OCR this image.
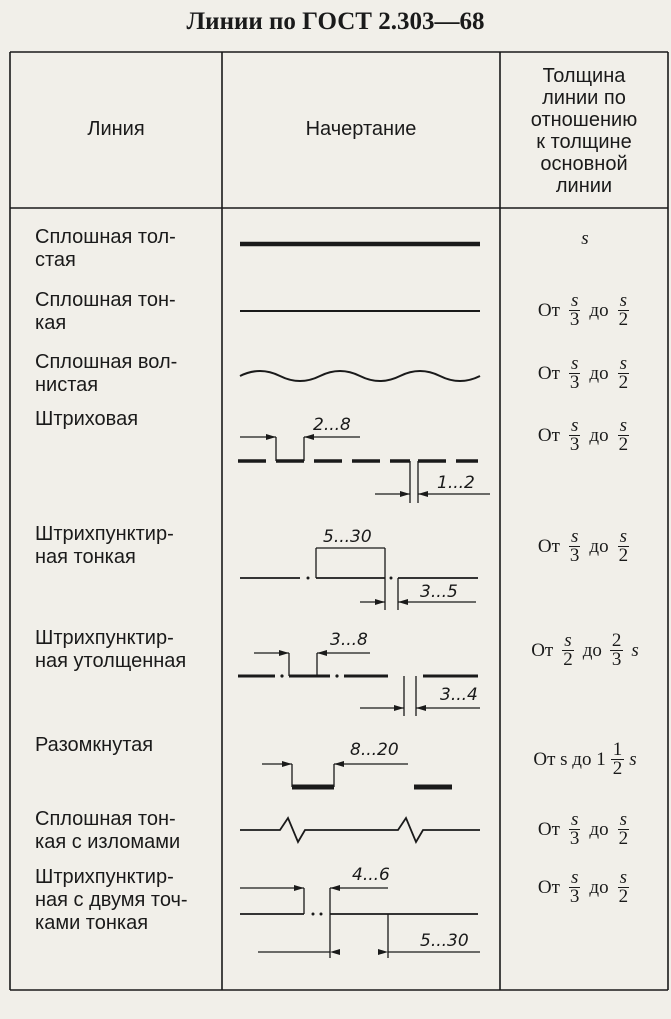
Линии по ГОСТ 2.303—68
2...8
1...2
5...30
3...5
3...8
3...4
8...20
4...6
5...30
Линия	Начертание
Толщина
линии по
отношению
к толщине
основной
линии
Сплошная тол-
стая
Сплошная тон-
кая
Сплошная вол-
нистая
Штриховая
Штрихпунктир-
ная тонкая
Штрихпунктир-
ная утолщенная
Разомкнутая
Сплошная тон-
кая с изломами
Штрихпунктир-
ная с двумя точ-
ками тонкая
s
От $\frac{s}{3}$ до $\frac{s}{2}$
От $\frac{s}{3}$ до $\frac{s}{2}$
От $\frac{s}{3}$ до $\frac{s}{2}$
От $\frac{s}{3}$ до $\frac{s}{2}$
От $\frac{s}{2}$ до $\frac{2}{3}$ s
От s до $1 \frac{1}{2}$ s
От $\frac{s}{3}$ до $\frac{s}{2}$
От $\frac{s}{3}$ до $\frac{s}{2}$
